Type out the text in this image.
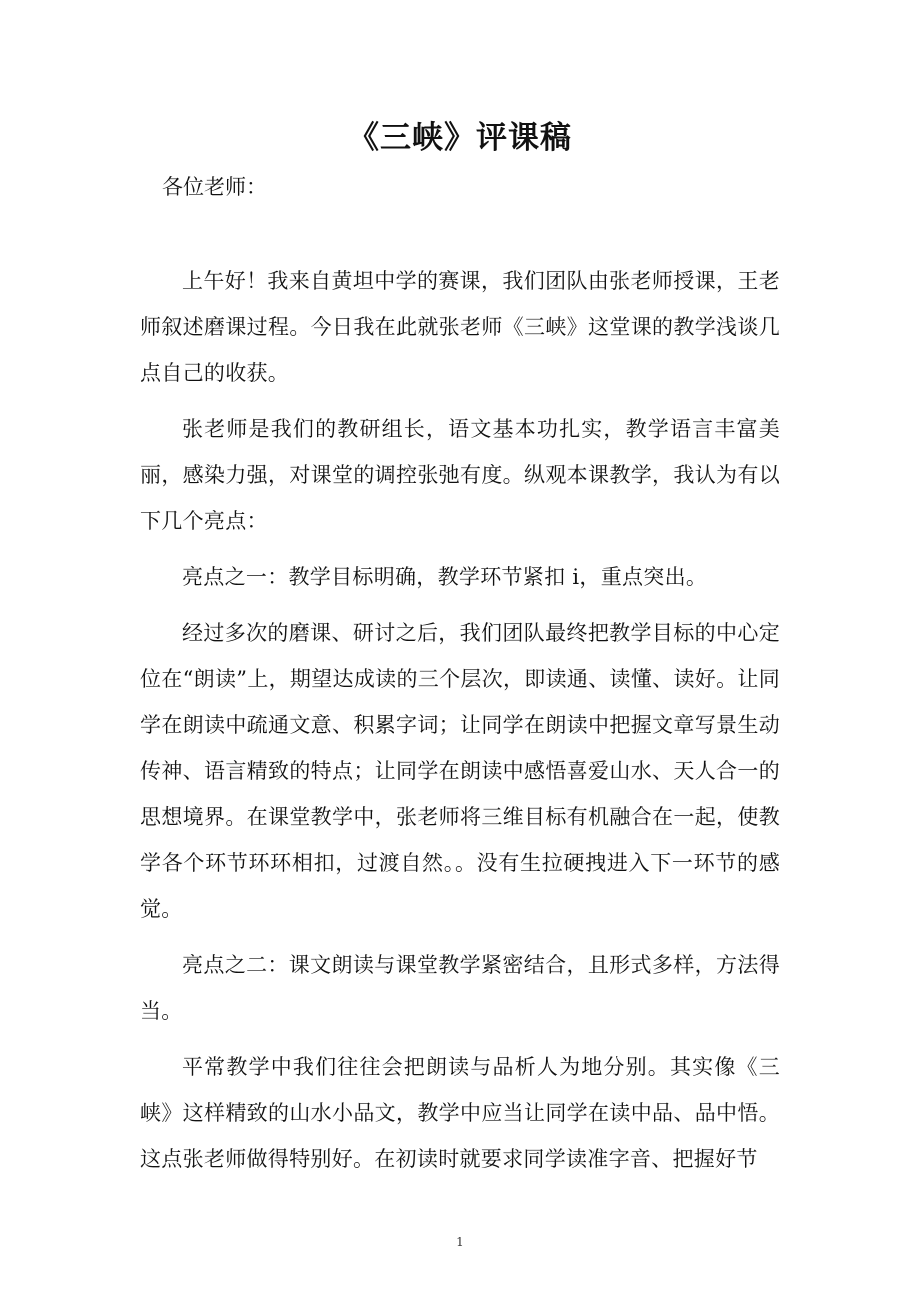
《三峡》评课稿

各位老师：

上午好！我来自黄坦中学的赛课，我们团队由张老师授课，王老师叙述磨课过程。今日我在此就张老师《三峡》这堂课的教学浅谈几点自己的收获。

张老师是我们的教研组长，语文基本功扎实，教学语言丰富美丽，感染力强，对课堂的调控张弛有度。纵观本课教学，我认为有以下几个亮点：

亮点之一：教学目标明确，教学环节紧扣 i，重点突出。

经过多次的磨课、研讨之后，我们团队最终把教学目标的中心定位在“朗读”上，期望达成读的三个层次，即读通、读懂、读好。让同学在朗读中疏通文意、积累字词；让同学在朗读中把握文章写景生动传神、语言精致的特点；让同学在朗读中感悟喜爱山水、天人合一的思想境界。在课堂教学中，张老师将三维目标有机融合在一起，使教学各个环节环环相扣，过渡自然。。没有生拉硬拽进入下一环节的感觉。

亮点之二：课文朗读与课堂教学紧密结合，且形式多样，方法得当。

平常教学中我们往往会把朗读与品析人为地分别。其实像《三峡》这样精致的山水小品文，教学中应当让同学在读中品、品中悟。这点张老师做得特别好。在初读时就要求同学读准字音、把握好节

1
